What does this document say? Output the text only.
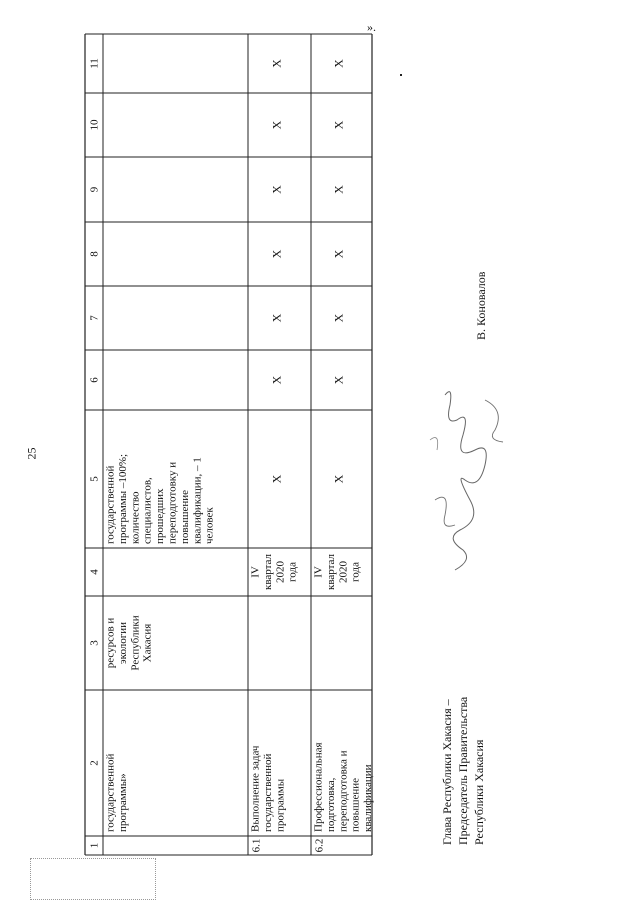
25
1
2
3
4
5
6
7
8
9
10
11
государственной программы»
ресурсов и экологии Республики Хакасия
государственной программы –100%; количество специалистов, прошедших переподготовку и повышение квалификации, – 1 человек
6.1
Выполнение задач государственной программы
IV квартал 2020 года
Х
Х
Х
Х
Х
Х
Х
6.2
Профессиональная подготовка, переподготовка и повышение квалификации
IV квартал 2020 года
Х
Х
Х
Х
Х
Х
Х
».
Глава Республики Хакасия – Председатель Правительства Республики Хакасия
В. Коновалов
